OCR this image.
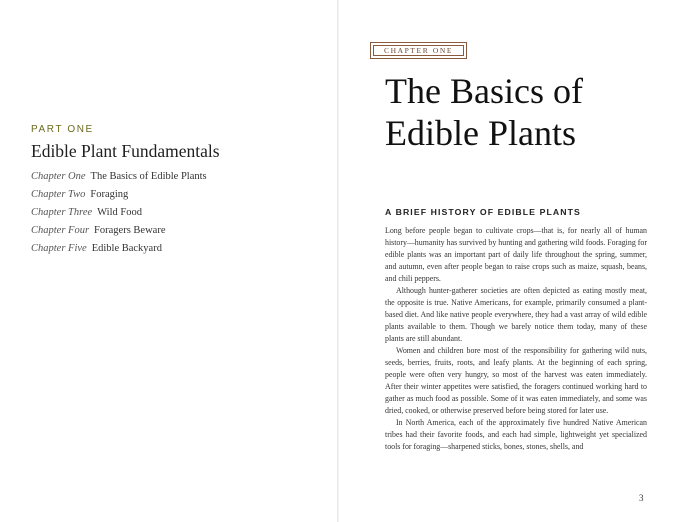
PART ONE
Edible Plant Fundamentals
Chapter One The Basics of Edible Plants
Chapter Two Foraging
Chapter Three Wild Food
Chapter Four Foragers Beware
Chapter Five Edible Backyard
CHAPTER ONE
The Basics of Edible Plants
A BRIEF HISTORY OF EDIBLE PLANTS

Long before people began to cultivate crops—that is, for nearly all of human history—humanity has survived by hunting and gathering wild foods. Foraging for edible plants was an important part of daily life throughout the spring, summer, and autumn, even after people began to raise crops such as maize, squash, beans, and chili peppers.

Although hunter-gatherer societies are often depicted as eating mostly meat, the opposite is true. Native Americans, for example, primarily consumed a plant-based diet. And like native people everywhere, they had a vast array of wild edible plants available to them. Though we barely notice them today, many of these plants are still abundant.

Women and children bore most of the responsibility for gathering wild nuts, seeds, berries, fruits, roots, and leafy plants. At the beginning of each spring, people were often very hungry, so most of the harvest was eaten immediately. After their winter appetites were satisfied, the foragers continued working hard to gather as much food as possible. Some of it was eaten immediately, and some was dried, cooked, or otherwise preserved before being stored for later use.

In North America, each of the approximately five hundred Native American tribes had their favorite foods, and each had simple, lightweight yet specialized tools for foraging—sharpened sticks, bones, stones, shells, and

3
